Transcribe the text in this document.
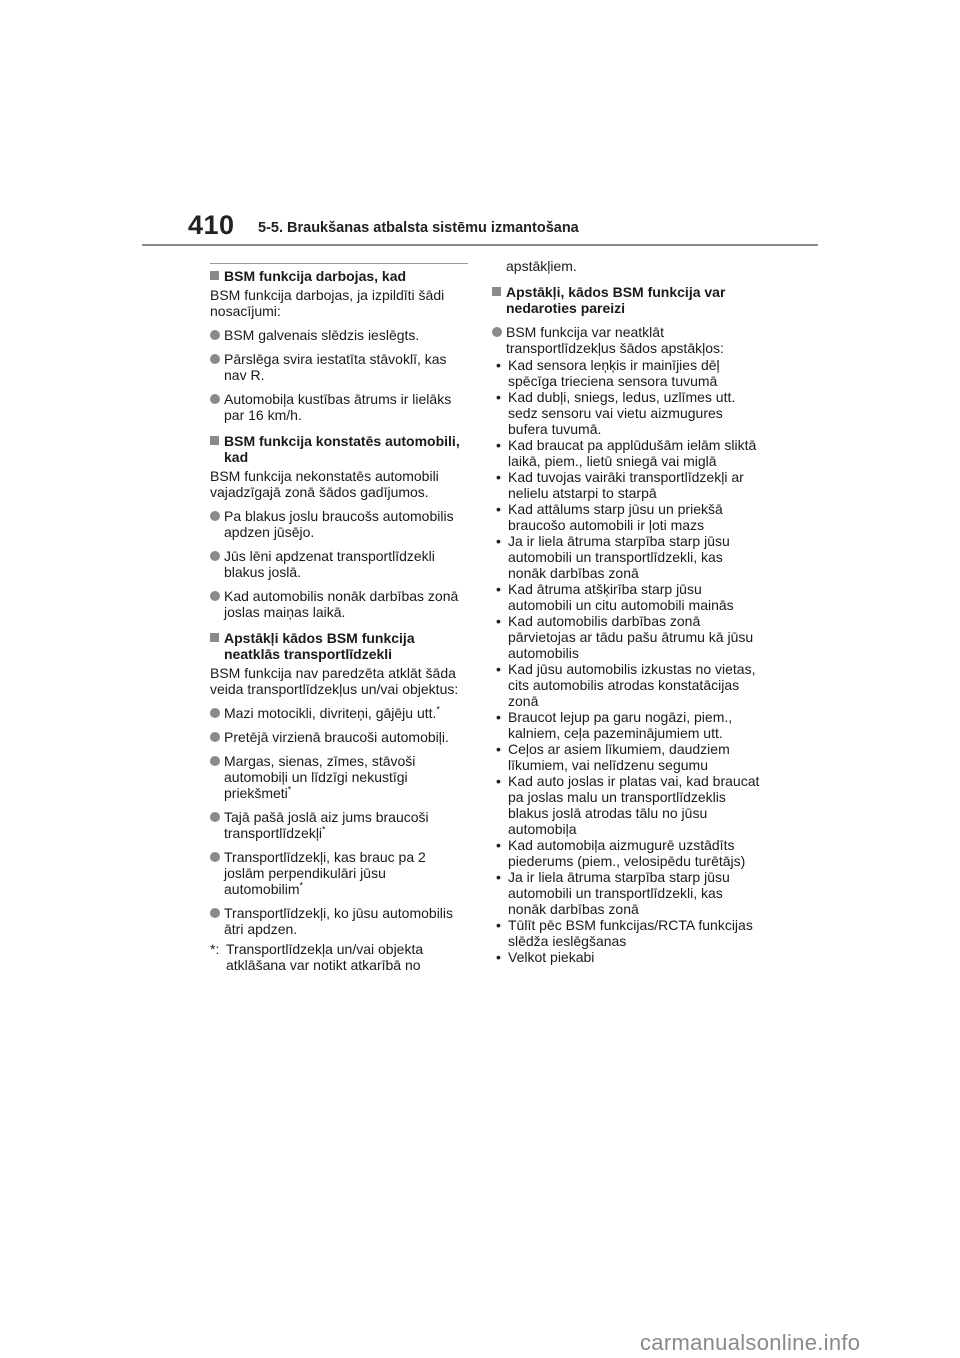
410 5-5. Braukšanas atbalsta sistēmu izmantošana
BSM funkcija darbojas, kad

BSM funkcija darbojas, ja izpildīti šādi nosacījumi:

BSM galvenais slēdzis ieslēgts.
Pārslēga svira iestatīta stāvoklī, kas nav R.
Automobiļa kustības ātrums ir lielāks par 16 km/h.
BSM funkcija konstatēs automobili, kad

BSM funkcija nekonstatēs automobili vajadzīgajā zonā šādos gadījumos.

Pa blakus joslu braucošs automobilis apdzen jūsējo.
Jūs lēni apdzenat transportlīdzekli blakus joslā.
Kad automobilis nonāk darbības zonā joslas maiņas laikā.
Apstākļi kādos BSM funkcija neatklās transportlīdzekli

BSM funkcija nav paredzēta atklāt šāda veida transportlīdzekļus un/vai objektus:

Mazi motocikli, divriteņi, gājēju utt.*
Pretējā virzienā braucoši automobiļi.
Margas, sienas, zīmes, stāvoši automobiļi un līdzīgi nekustīgi priekšmeti*
Tajā pašā joslā aiz jums braucoši transportlīdzekļi*
Transportlīdzekļi, kas brauc pa 2 joslām perpendikulāri jūsu automobilim*
Transportlīdzekļi, ko jūsu automobilis ātri apdzen.
*: Transportlīdzekļa un/vai objekta atklāšana var notikt atkarībā no
apstākļiem.
Apstākļi, kādos BSM funkcija var nedaroties pareizi
BSM funkcija var neatklāt transportlīdzekļus šādos apstākļos:
• Kad sensora leņķis ir mainījies dēļ spēcīga trieciena sensora tuvumā
• Kad dubļi, sniegs, ledus, uzlīmes utt. sedz sensoru vai vietu aizmugures bufera tuvumā.
• Kad braucat pa applūdušām ielām sliktā laikā, piem., lietū sniegā vai miglā
• Kad tuvojas vairāki transportlīdzekļi ar nelielu atstarpi to starpā
• Kad attālums starp jūsu un priekšā braucošo automobili ir ļoti mazs
• Ja ir liela ātruma starpība starp jūsu automobili un transportlīdzekli, kas nonāk darbības zonā
• Kad ātruma atšķirība starp jūsu automobili un citu automobili mainās
• Kad automobilis darbības zonā pārvietojas ar tādu pašu ātrumu kā jūsu automobilis
• Kad jūsu automobilis izkustas no vietas, cits automobilis atrodas konstatācijas zonā
• Braucot lejup pa garu nogāzi, piem., kalniem, ceļa pazeminājumiem utt.
• Ceļos ar asiem līkumiem, daudziem līkumiem, vai nelīdzenu segumu
• Kad auto joslas ir platas vai, kad braucat pa joslas malu un transportlīdzeklis blakus joslā atrodas tālu no jūsu automobiļa
• Kad automobiļa aizmugurē uzstādīts piederums (piem., velosipēdu turētājs)
• Ja ir liela ātruma starpība starp jūsu automobili un transportlīdzekli, kas nonāk darbības zonā
• Tūlīt pēc BSM funkcijas/RCTA funkcijas slēdža ieslēgšanas
• Velkot piekabi
carmanualsonline.info
